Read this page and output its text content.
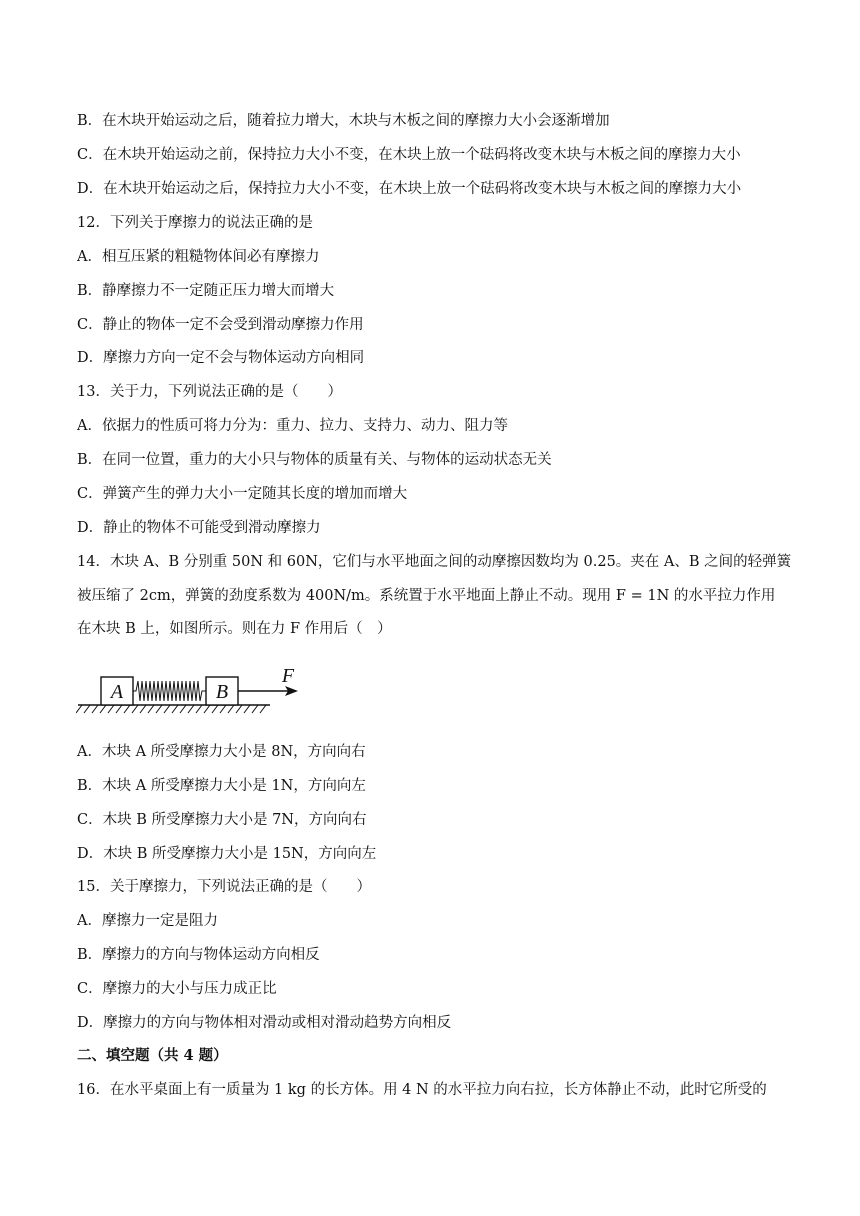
B．在木块开始运动之后，随着拉力增大，木块与木板之间的摩擦力大小会逐渐增加
C．在木块开始运动之前，保持拉力大小不变，在木块上放一个砝码将改变木块与木板之间的摩擦力大小
D．在木块开始运动之后，保持拉力大小不变，在木块上放一个砝码将改变木块与木板之间的摩擦力大小
12．下列关于摩擦力的说法正确的是
A．相互压紧的粗糙物体间必有摩擦力
B．静摩擦力不一定随正压力增大而增大
C．静止的物体一定不会受到滑动摩擦力作用
D．摩擦力方向一定不会与物体运动方向相同
13．关于力，下列说法正确的是（　　）
A．依据力的性质可将力分为：重力、拉力、支持力、动力、阻力等
B．在同一位置，重力的大小只与物体的质量有关、与物体的运动状态无关
C．弹簧产生的弹力大小一定随其长度的增加而增大
D．静止的物体不可能受到滑动摩擦力
14．木块 A、B 分别重 50N 和 60N，它们与水平地面之间的动摩擦因数均为 0.25。夹在 A、B 之间的轻弹簧
被压缩了 2cm，弹簧的劲度系数为 400N/m。系统置于水平地面上静止不动。现用 F = 1N 的水平拉力作用
在木块 B 上，如图所示。则在力 F 作用后（　）
A	B
F
A．木块 A 所受摩擦力大小是 8N，方向向右
B．木块 A 所受摩擦力大小是 1N，方向向左
C．木块 B 所受摩擦力大小是 7N，方向向右
D．木块 B 所受摩擦力大小是 15N，方向向左
15．关于摩擦力，下列说法正确的是（　　）
A．摩擦力一定是阻力
B．摩擦力的方向与物体运动方向相反
C．摩擦力的大小与压力成正比
D．摩擦力的方向与物体相对滑动或相对滑动趋势方向相反
二、填空题（共 4 题）
16．在水平桌面上有一质量为 1 kg 的长方体。用 4 N 的水平拉力向右拉，长方体静止不动，此时它所受的
